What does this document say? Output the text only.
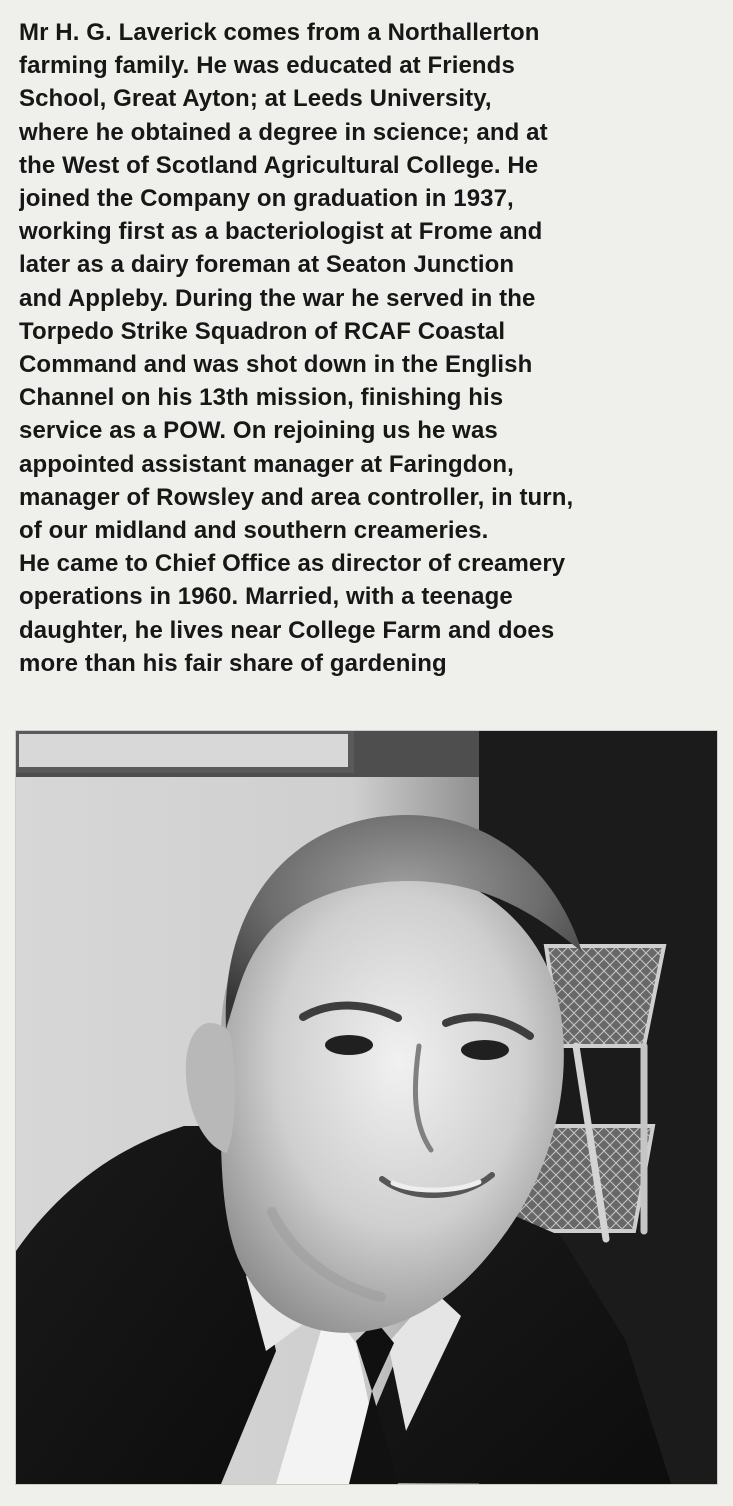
Mr H. G. Laverick comes from a Northallerton
farming family. He was educated at Friends
School, Great Ayton; at Leeds University,
where he obtained a degree in science; and at
the West of Scotland Agricultural College. He
joined the Company on graduation in 1937,
working first as a bacteriologist at Frome and
later as a dairy foreman at Seaton Junction
and Appleby. During the war he served in the
Torpedo Strike Squadron of RCAF Coastal
Command and was shot down in the English
Channel on his 13th mission, finishing his
service as a POW. On rejoining us he was
appointed assistant manager at Faringdon,
manager of Rowsley and area controller, in turn,
of our midland and southern creameries.
He came to Chief Office as director of creamery
operations in 1960. Married, with a teenage
daughter, he lives near College Farm and does
more than his fair share of gardening
